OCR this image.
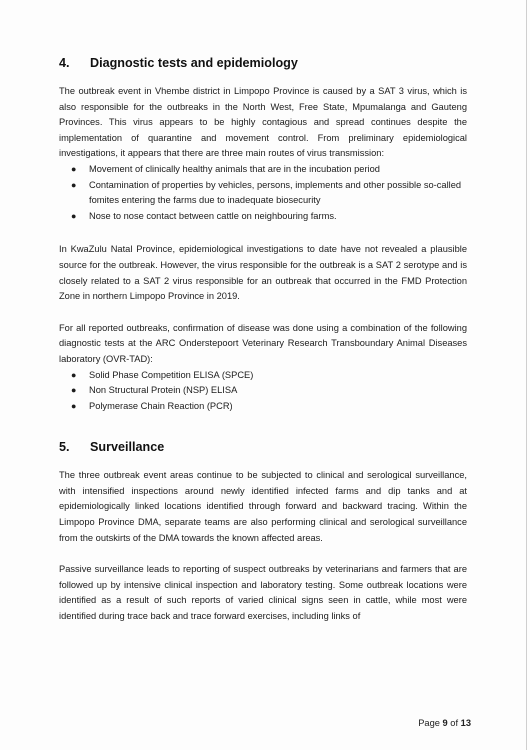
4.	Diagnostic tests and epidemiology

The outbreak event in Vhembe district in Limpopo Province is caused by a SAT 3 virus, which is also responsible for the outbreaks in the North West, Free State, Mpumalanga and Gauteng Provinces. This virus appears to be highly contagious and spread continues despite the implementation of quarantine and movement control. From preliminary epidemiological investigations, it appears that there are three main routes of virus transmission:

● Movement of clinically healthy animals that are in the incubation period
● Contamination of properties by vehicles, persons, implements and other possible so-called fomites entering the farms due to inadequate biosecurity
● Nose to nose contact between cattle on neighbouring farms.

In KwaZulu Natal Province, epidemiological investigations to date have not revealed a plausible source for the outbreak. However, the virus responsible for the outbreak is a SAT 2 serotype and is closely related to a SAT 2 virus responsible for an outbreak that occurred in the FMD Protection Zone in northern Limpopo Province in 2019.

For all reported outbreaks, confirmation of disease was done using a combination of the following diagnostic tests at the ARC Onderstepoort Veterinary Research Transboundary Animal Diseases laboratory (OVR-TAD):

● Solid Phase Competition ELISA (SPCE)
● Non Structural Protein (NSP) ELISA
● Polymerase Chain Reaction (PCR)
5.	Surveillance

The three outbreak event areas continue to be subjected to clinical and serological surveillance, with intensified inspections around newly identified infected farms and dip tanks and at epidemiologically linked locations identified through forward and backward tracing. Within the Limpopo Province DMA, separate teams are also performing clinical and serological surveillance from the outskirts of the DMA towards the known affected areas.

Passive surveillance leads to reporting of suspect outbreaks by veterinarians and farmers that are followed up by intensive clinical inspection and laboratory testing. Some outbreak locations were identified as a result of such reports of varied clinical signs seen in cattle, while most were identified during trace back and trace forward exercises, including links of

Page 9 of 13
